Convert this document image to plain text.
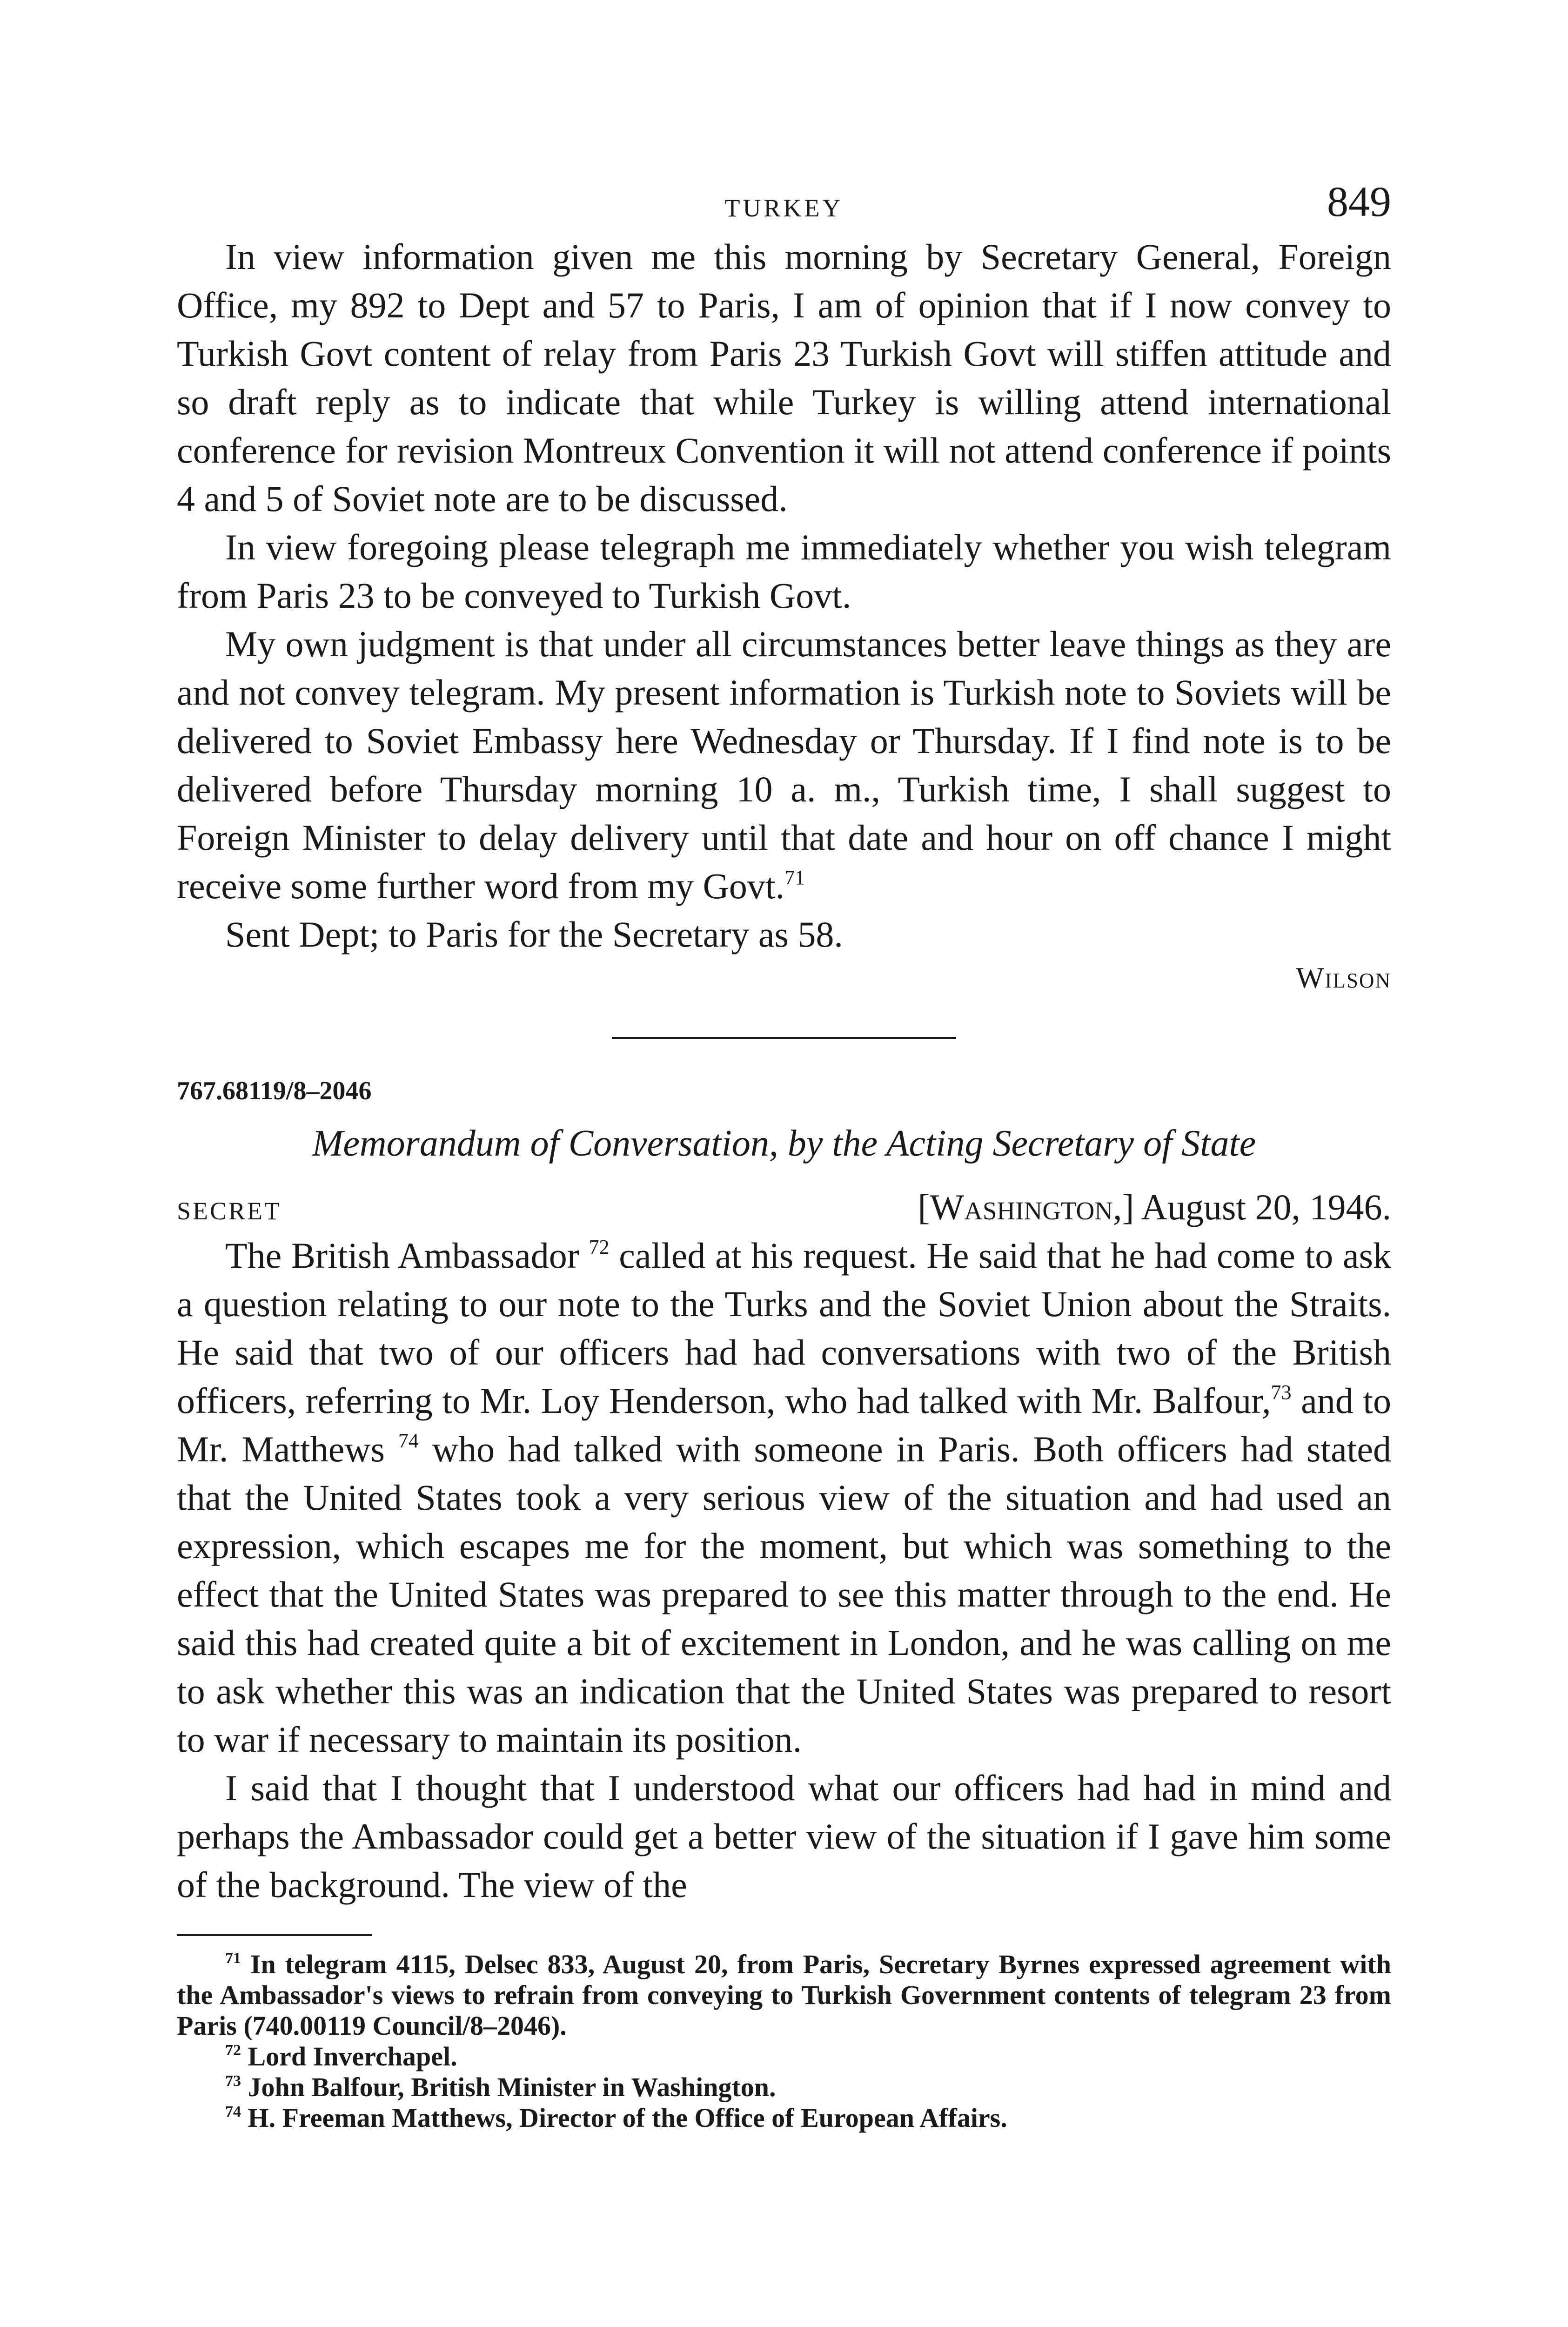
TURKEY	849

In view information given me this morning by Secretary General, Foreign Office, my 892 to Dept and 57 to Paris, I am of opinion that if I now convey to Turkish Govt content of relay from Paris 23 Turkish Govt will stiffen attitude and so draft reply as to indicate that while Turkey is willing attend international conference for revision Montreux Convention it will not attend conference if points 4 and 5 of Soviet note are to be discussed.

In view foregoing please telegraph me immediately whether you wish telegram from Paris 23 to be conveyed to Turkish Govt.

My own judgment is that under all circumstances better leave things as they are and not convey telegram. My present information is Turkish note to Soviets will be delivered to Soviet Embassy here Wednesday or Thursday. If I find note is to be delivered before Thursday morning 10 a. m., Turkish time, I shall suggest to Foreign Minister to delay delivery until that date and hour on off chance I might receive some further word from my Govt.$^{71}$

Sent Dept; to Paris for the Secretary as 58.

Wilson
767.68119/8–2046
Memorandum of Conversation, by the Acting Secretary of State
SECRET	[Washington,] August 20, 1946.

The British Ambassador $^{72}$ called at his request. He said that he had come to ask a question relating to our note to the Turks and the Soviet Union about the Straits. He said that two of our officers had had conversations with two of the British officers, referring to Mr. Loy Henderson, who had talked with Mr. Balfour,$^{73}$ and to Mr. Matthews $^{74}$ who had talked with someone in Paris. Both officers had stated that the United States took a very serious view of the situation and had used an expression, which escapes me for the moment, but which was something to the effect that the United States was prepared to see this matter through to the end. He said this had created quite a bit of excitement in London, and he was calling on me to ask whether this was an indication that the United States was prepared to resort to war if necessary to maintain its position.

I said that I thought that I understood what our officers had had in mind and perhaps the Ambassador could get a better view of the situation if I gave him some of the background. The view of the

$^{71}$ In telegram 4115, Delsec 833, August 20, from Paris, Secretary Byrnes expressed agreement with the Ambassador's views to refrain from conveying to Turkish Government contents of telegram 23 from Paris (740.00119 Council/8–2046).

$^{72}$ Lord Inverchapel.

$^{73}$ John Balfour, British Minister in Washington.

$^{74}$ H. Freeman Matthews, Director of the Office of European Affairs.
